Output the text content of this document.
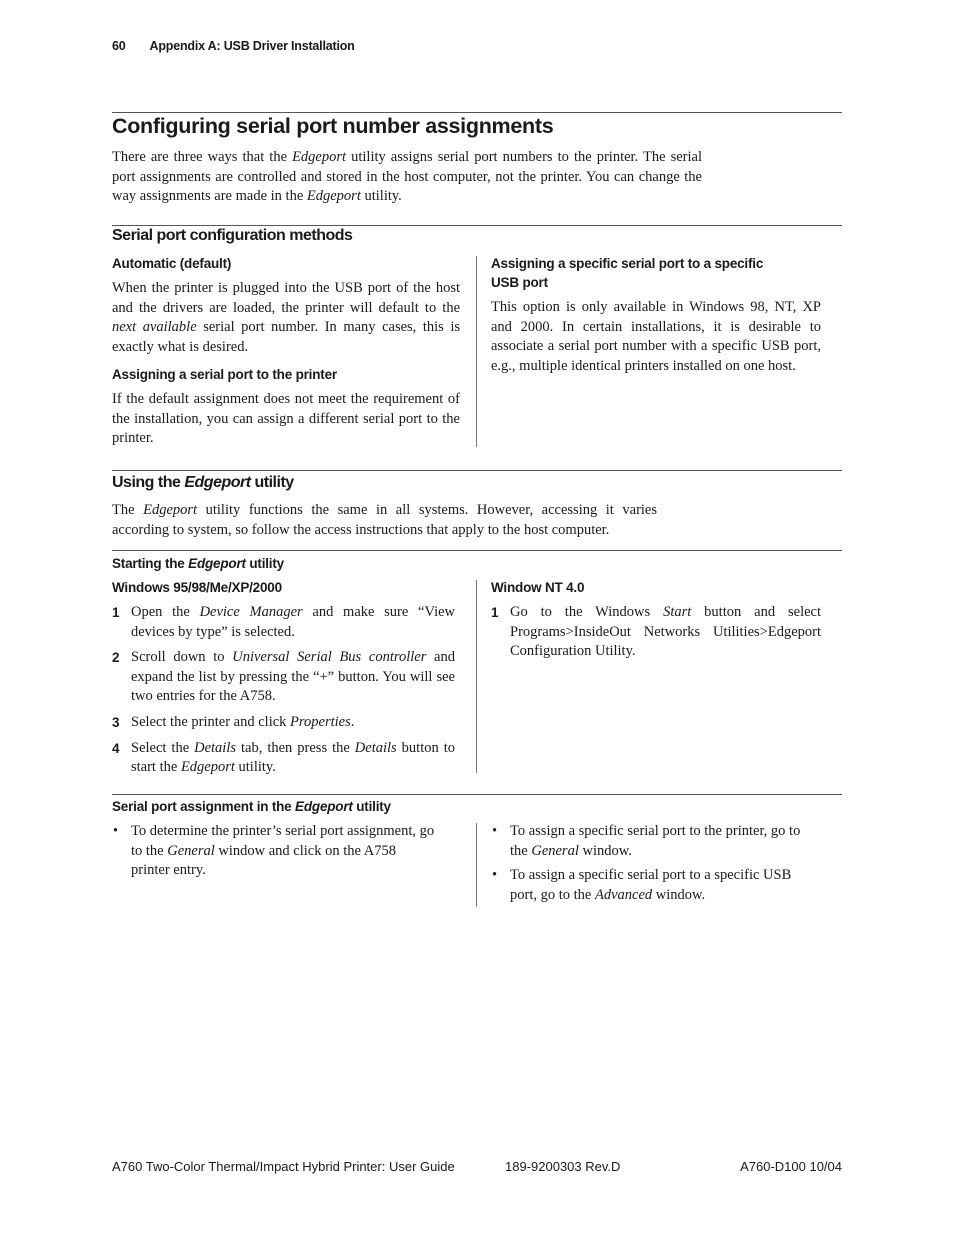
60 Appendix A: USB Driver Installation
Configuring serial port number assignments

There are three ways that the Edgeport utility assigns serial port numbers to the printer. The serial port assignments are controlled and stored in the host computer, not the printer. You can change the way assignments are made in the Edgeport utility.

Serial port configuration methods
Automatic (default)

When the printer is plugged into the USB port of the host and the drivers are loaded, the printer will default to the next available serial port number. In many cases, this is exactly what is desired.

Assigning a serial port to the printer

If the default assignment does not meet the requirement of the installation, you can assign a different serial port to the printer.

Assigning a specific serial port to a specific USB port

This option is only available in Windows 98, NT, XP and 2000. In certain installations, it is desirable to associate a serial port number with a specific USB port, e.g., multiple identical printers installed on one host.

Using the Edgeport utility

The Edgeport utility functions the same in all systems. However, accessing it varies according to system, so follow the access instructions that apply to the host computer.

Starting the Edgeport utility
Windows 95/98/Me/XP/2000
1 Open the Device Manager and make sure “View devices by type” is selected.
2 Scroll down to Universal Serial Bus controller and expand the list by pressing the “+” button. You will see two entries for the A758.
3 Select the printer and click Properties.
4 Select the Details tab, then press the Details button to start the Edgeport utility.
Window NT 4.0
1 Go to the Windows Start button and select Programs>InsideOut Networks Utilities>Edgeport Configuration Utility.
Serial port assignment in the Edgeport utility
• To determine the printer’s serial port assignment, go to the General window and click on the A758 printer entry.
• To assign a specific serial port to the printer, go to the General window.
• To assign a specific serial port to a specific USB port, go to the Advanced window.
A760 Two-Color Thermal/Impact Hybrid Printer: User Guide	189-9200303 Rev.D	A760-D100 10/04
